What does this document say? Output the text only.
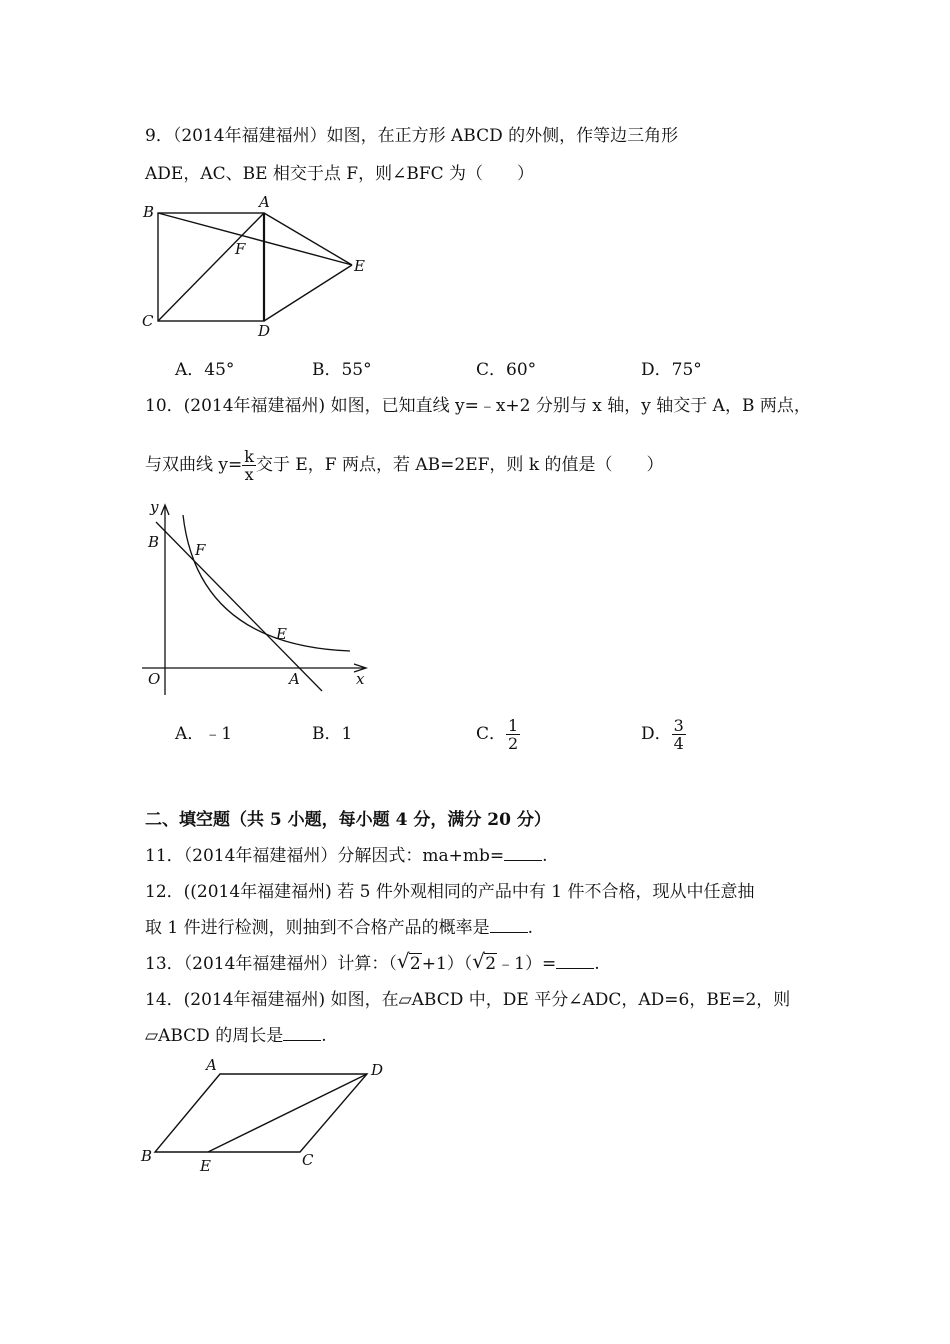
9．（2014年福建福州）如图，在正方形 ABCD 的外侧，作等边三角形
ADE，AC、BE 相交于点 F，则∠BFC 为（　　）
B
A
F
E
C
D
A．45°	B．55°	C．60°	D．75°
10．(2014年福建福州) 如图，已知直线 y=﹣x+2 分别与 x 轴，y 轴交于 A，B 两点，
与双曲线 $y= \frac{k}{x}$ 交于 E，F 两点，若 AB=2EF，则 k 的值是（　　）
y
B F
E
O	A	x
A．﹣1	B．1	C． $\frac{1}{2}$	D． $\frac{3}{4}$
二、填空题（共 5 小题，每小题 4 分，满分 20 分）
11．（2014年福建福州）分解因式：ma+mb= .
12．((2014年福建福州) 若 5 件外观相同的产品中有 1 件不合格，现从中任意抽
取 1 件进行检测，则抽到不合格产品的概率是 .
13．（2014年福建福州）计算：（ √ 2+1）（ √ 2﹣1）= .
14．(2014年福建福州) 如图，在▱ABCD 中，DE 平分∠ADC，AD=6，BE=2，则
▱ABCD 的周长是 .
A	D
B
E	C
